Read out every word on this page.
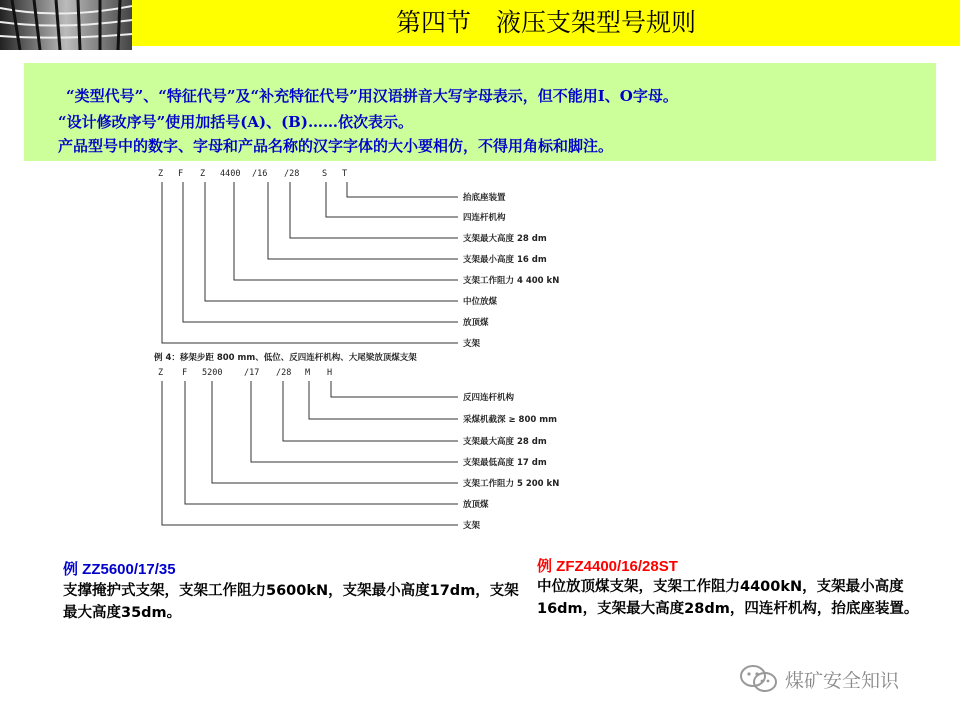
第四节　液压支架型号规则
“类型代号”、“特征代号”及“补充特征代号”用汉语拼音大写字母表示，但不能用I、O字母。
“设计修改序号”使用加括号(A)、(B)……依次表示。
产品型号中的数字、字母和产品名称的汉字字体的大小要相仿，不得用角标和脚注。
Z F Z 4400 /16 /28	S T
抬底座装置
四连杆机构
支架最大高度 28 dm
支架最小高度 16 dm
支架工作阻力 4 400 kN
中位放煤
放顶煤
支架
例 4：移架步距 800 mm、低位、反四连杆机构、大尾梁放顶煤支架
Z F 5200	/17 /28 M H
反四连杆机构
采煤机截深 ≥ 800 mm
支架最大高度 28 dm
支架最低高度 17 dm
支架工作阻力 5 200 kN
放顶煤
支架
例 ZZ5600/17/35
支撑掩护式支架，支架工作阻力5600kN，支架最小高度17dm，支架最大高度35dm。
例 ZFZ4400/16/28ST
中位放顶煤支架，支架工作阻力4400kN，支架最小高度16dm，支架最大高度28dm，四连杆机构，抬底座装置。
煤矿安全知识
